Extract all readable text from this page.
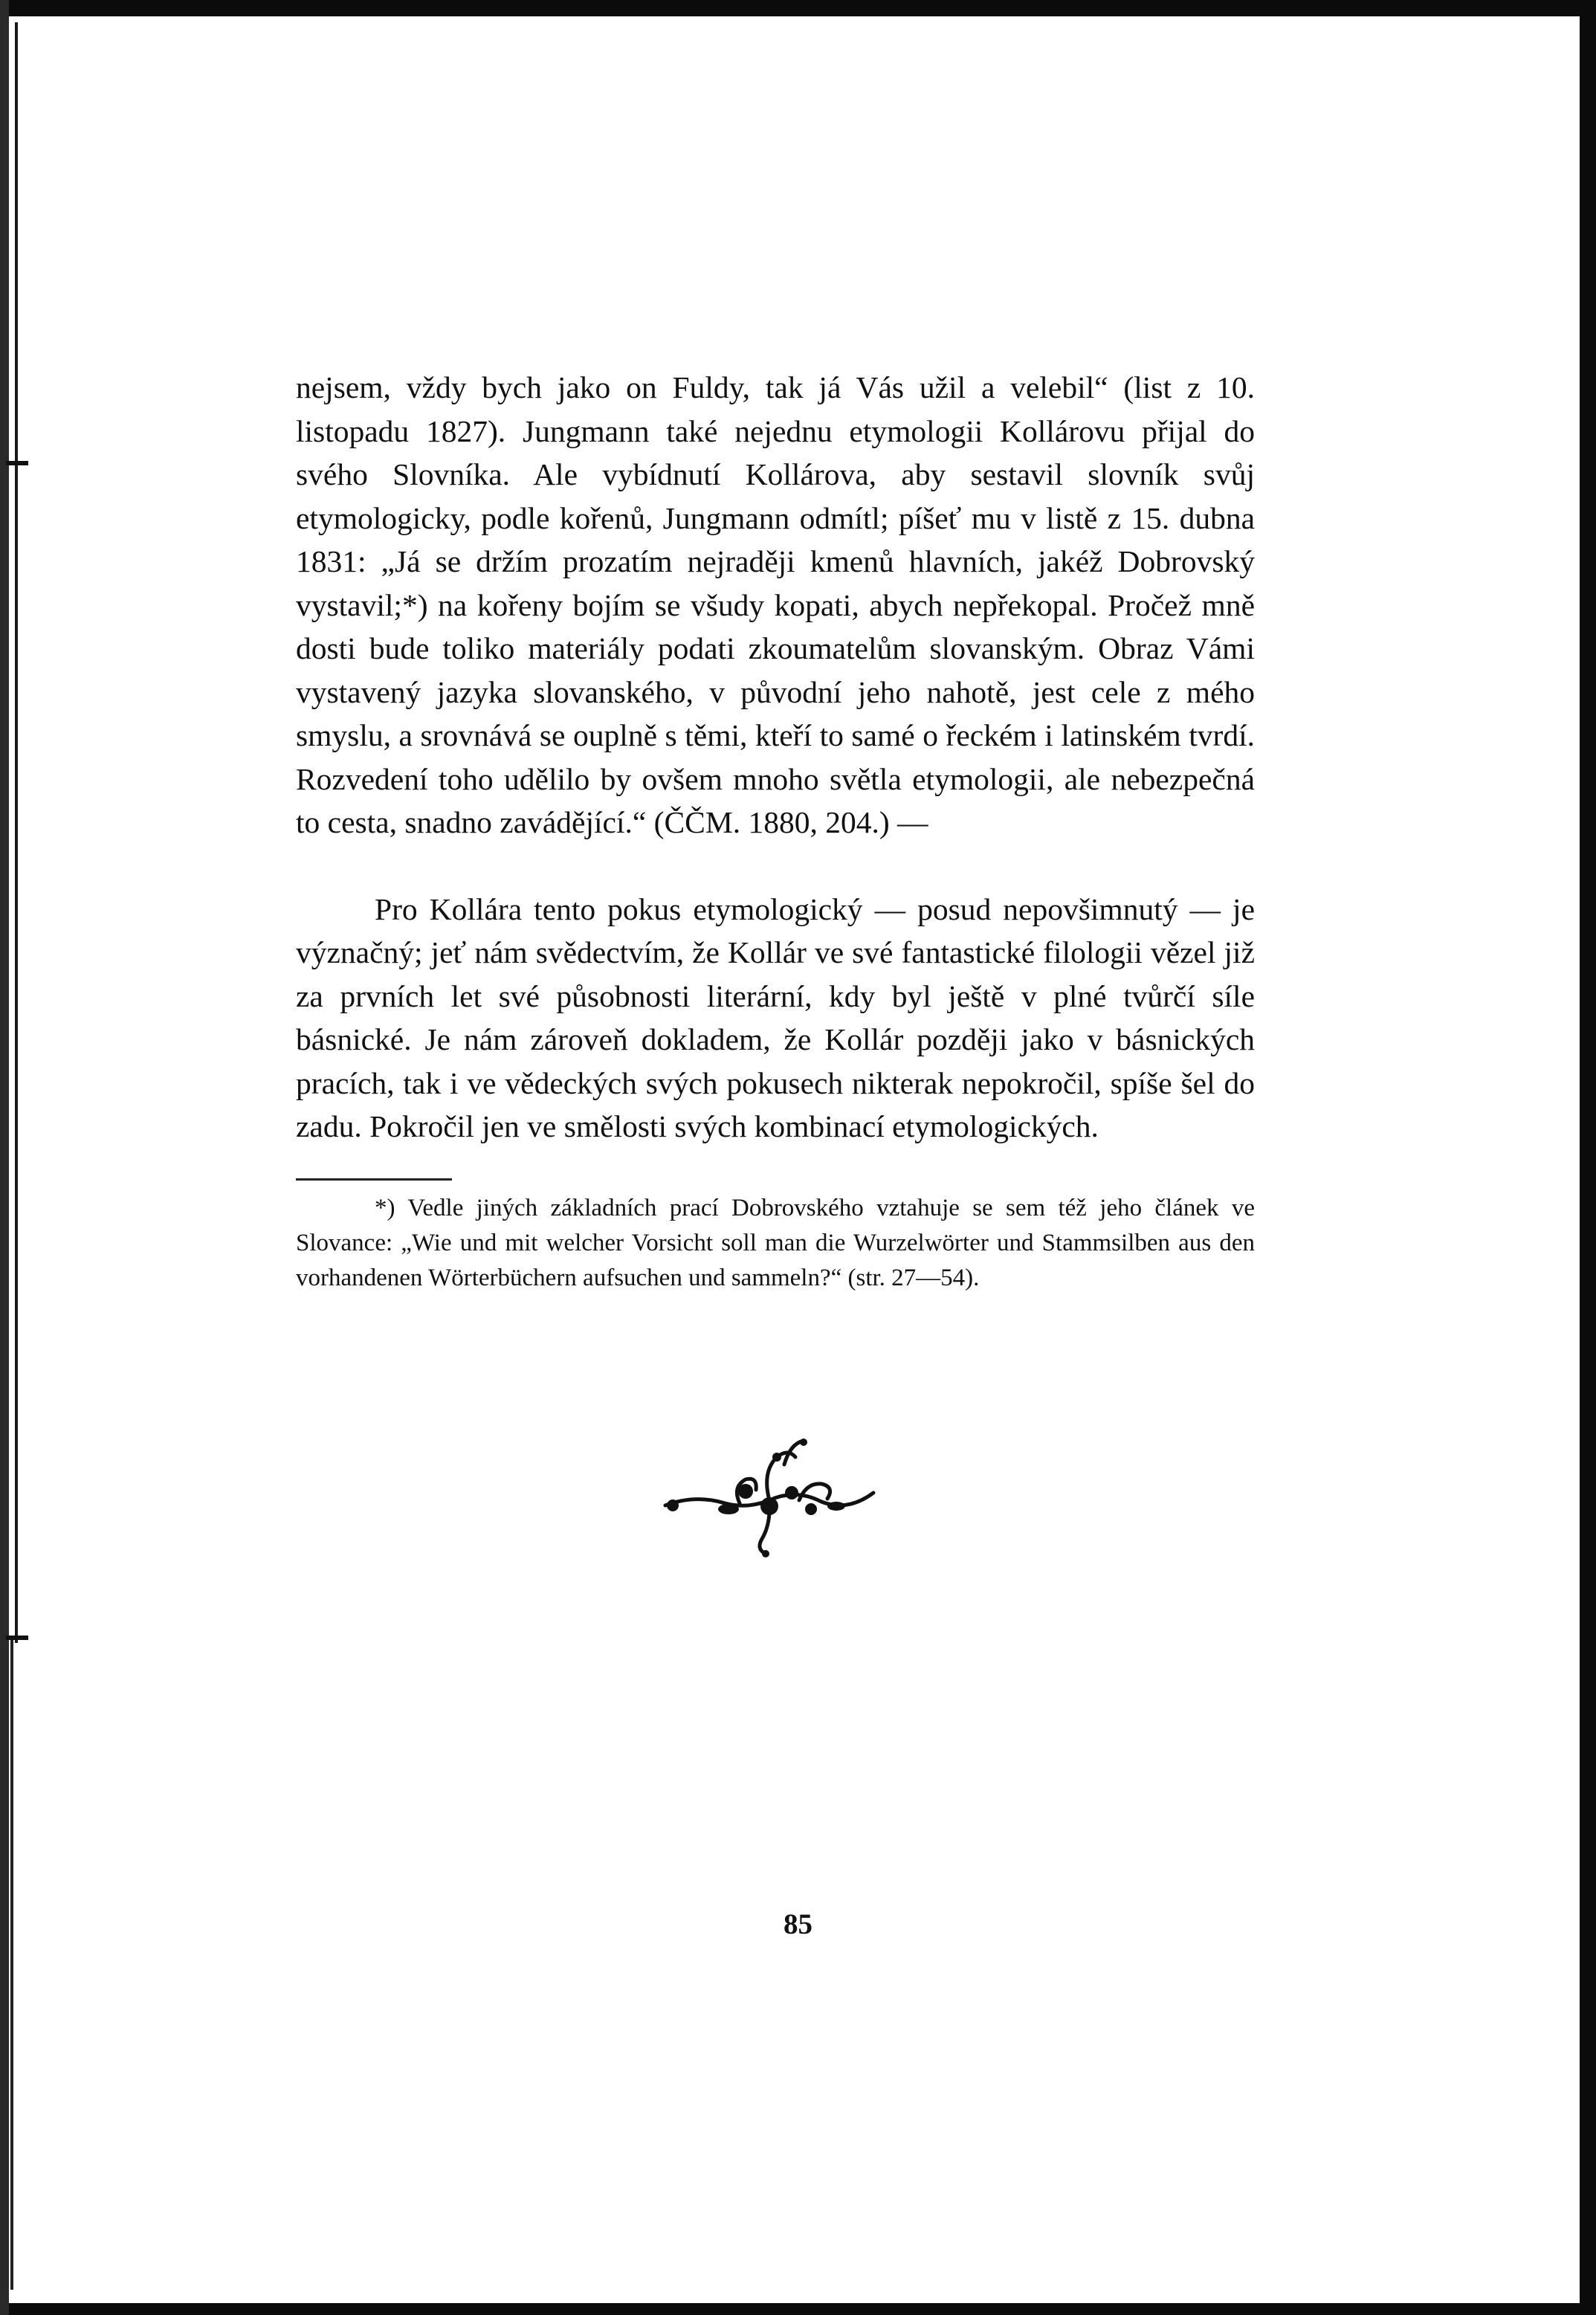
nejsem, vždy bych jako on Fuldy, tak já Vás užil a velebil“ (list z 10. listopadu 1827). Jungmann také nejednu etymologii Kollárovu přijal do svého Slovníka. Ale vybídnutí Kollárova, aby sestavil slovník svůj etymologicky, podle kořenů, Jungmann odmítl; píšeť mu v listě z 15. dubna 1831: „Já se držím prozatím nejraději kmenů hlavních, jakéž Dobrovský vystavil;*) na kořeny bojím se všudy kopati, abych nepřekopal. Pročež mně dosti bude toliko materiály podati zkoumatelům slovanským. Obraz Vámi vystavený jazyka slovanského, v původní jeho nahotě, jest cele z mého smyslu, a srovnává se ouplně s těmi, kteří to samé o řeckém i latinském tvrdí. Rozvedení toho udělilo by ovšem mnoho světla etymologii, ale nebezpečná to cesta, snadno zavádějící.“ (ČČM. 1880, 204.) —

Pro Kollára tento pokus etymologický — posud nepovšimnutý — je význačný; jeť nám svědectvím, že Kollár ve své fantastické filologii vězel již za prvních let své působnosti literární, kdy byl ještě v plné tvůrčí síle básnické. Je nám zároveň dokladem, že Kollár později jako v básnických pracích, tak i ve vědeckých svých pokusech nikterak nepokročil, spíše šel do zadu. Pokročil jen ve smělosti svých kombinací etymologických.

*) Vedle jiných základních prací Dobrovského vztahuje se sem též jeho článek ve Slovance: „Wie und mit welcher Vorsicht soll man die Wurzelwörter und Stammsilben aus den vorhandenen Wörterbüchern aufsuchen und sammeln?“ (str. 27—54).

85
